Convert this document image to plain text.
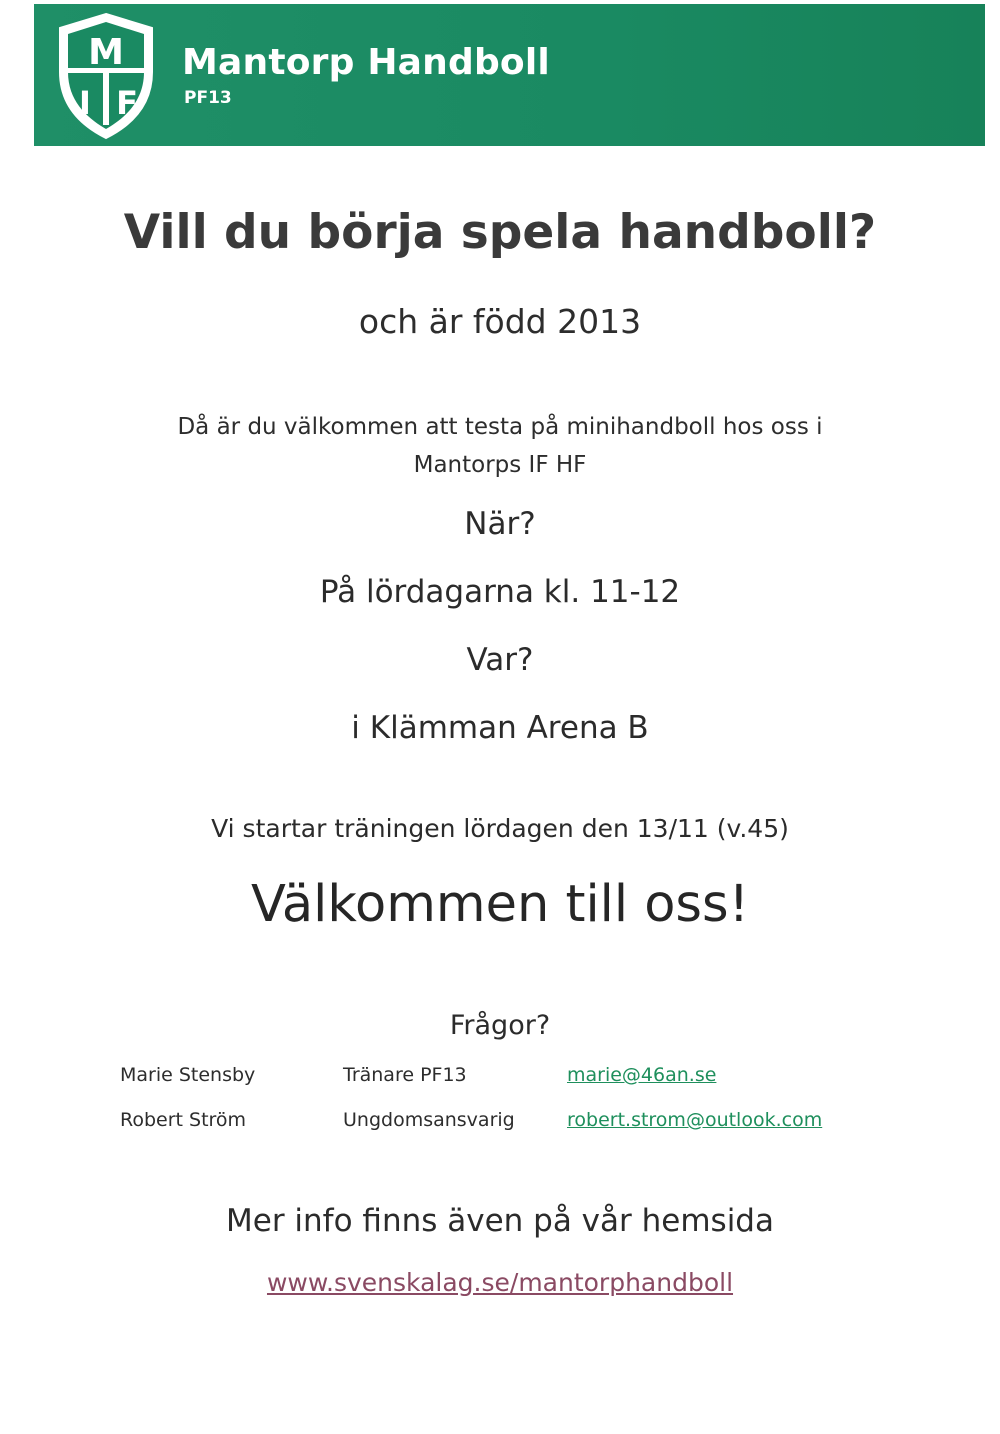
M
I F
Mantorp Handboll
PF13
Vill du börja spela handboll?
och är född 2013
Då är du välkommen att testa på minihandboll hos oss i
Mantorps IF HF
När?
På lördagarna kl. 11-12
Var?
i Klämman Arena B
Vi startar träningen lördagen den 13/11 (v.45)
Välkommen till oss!
Frågor?
Marie Stensby	Tränare PF13	marie@46an.se
Robert Ström	Ungdomsansvarig	robert.strom@outlook.com
Mer info finns även på vår hemsida
www.svenskalag.se/mantorphandboll
